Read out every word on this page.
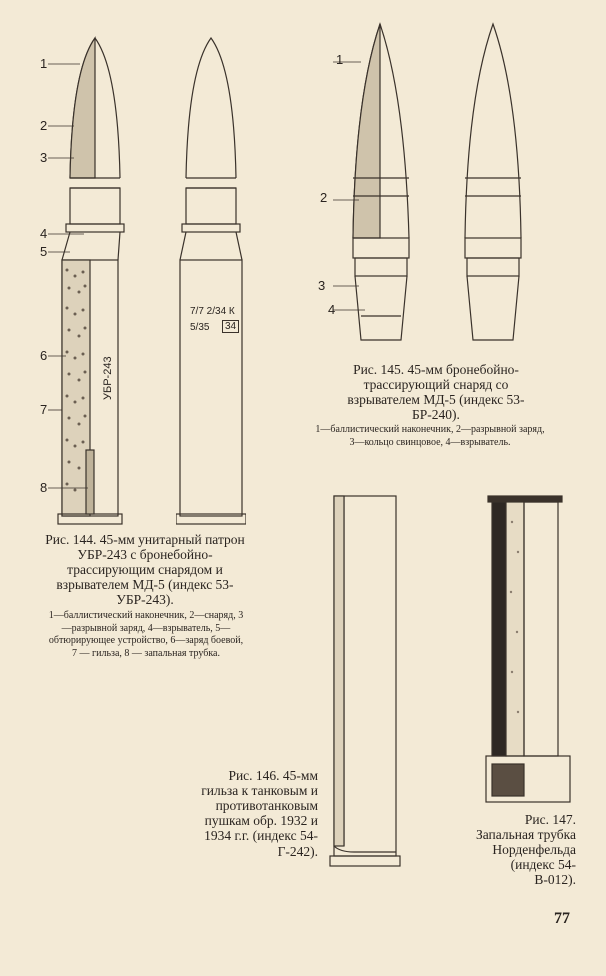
1
2
3
4
5
6
7
8
УБР-243
7/7 2/34 К
5/35	34
1
2
3
4
Рис. 145. 45-мм бронебойно-трассирующий снаряд со взрывателем МД-5 (индекс 53-БР-240).
1—баллистический наконечник, 2—разрывной заряд, 3—кольцо свинцовое, 4—взрыватель.
Рис. 144. 45-мм унитарный патрон УБР-243 с бронебойно-трассирующим снарядом и взрывателем МД-5 (индекс 53-УБР-243).
1—баллистический наконечник, 2—снаряд, 3—разрывной заряд, 4—взрыватель, 5—обтюрирующее устройство, 6—заряд боевой, 7 — гильза, 8 — запальная трубка.
Рис. 146. 45-мм гильза к танковым и противотанковым пушкам обр. 1932 и 1934 г.г. (индекс 54-Г-242).
Рис. 147. Запальная трубка Норденфельда (индекс 54-В-012).
77
